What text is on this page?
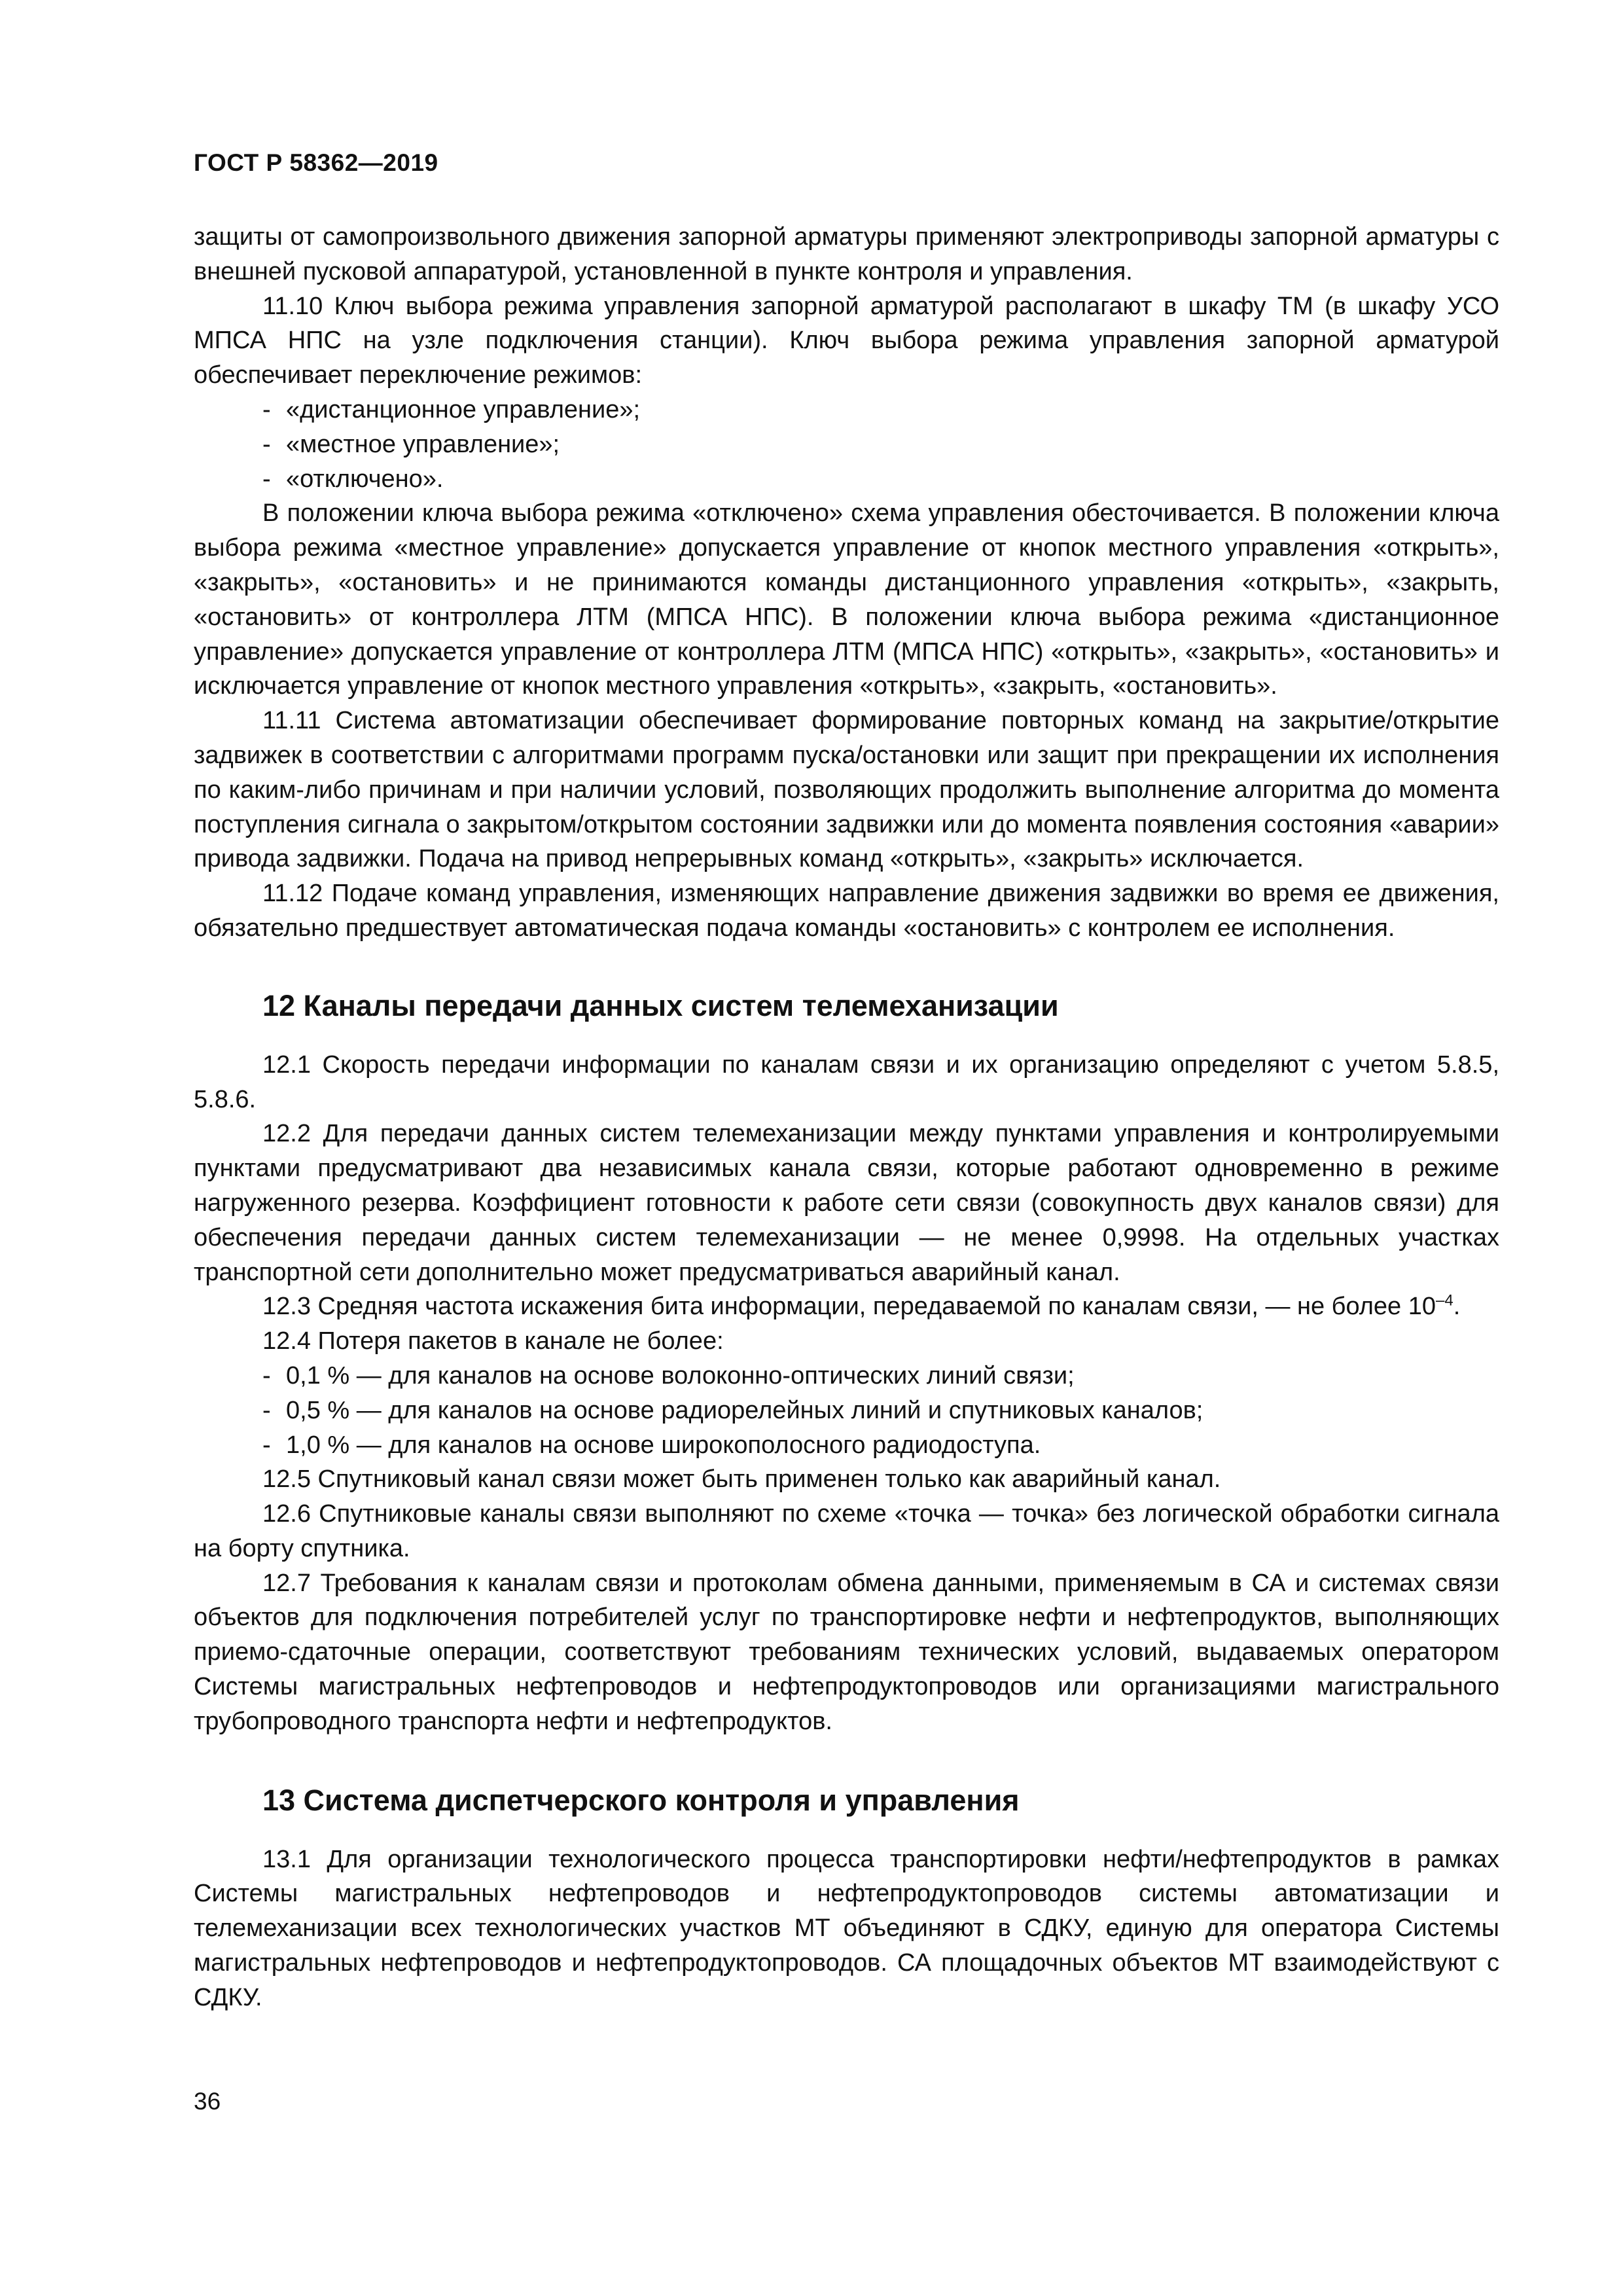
ГОСТ Р 58362—2019

защиты от самопроизвольного движения запорной арматуры применяют электроприводы запорной арматуры с внешней пусковой аппаратурой, установленной в пункте контроля и управления.

11.10 Ключ выбора режима управления запорной арматурой располагают в шкафу ТМ (в шкафу УСО МПСА НПС на узле подключения станции). Ключ выбора режима управления запорной арматурой обеспечивает переключение режимов:

- «дистанционное управление»;

- «местное управление»;

- «отключено».

В положении ключа выбора режима «отключено» схема управления обесточивается. В положении ключа выбора режима «местное управление» допускается управление от кнопок местного управления «открыть», «закрыть», «остановить» и не принимаются команды дистанционного управления «открыть», «закрыть, «остановить» от контроллера ЛТМ (МПСА НПС). В положении ключа выбора режима «дистанционное управление» допускается управление от контроллера ЛТМ (МПСА НПС) «открыть», «закрыть», «остановить» и исключается управление от кнопок местного управления «открыть», «закрыть, «остановить».

11.11 Система автоматизации обеспечивает формирование повторных команд на закрытие/открытие задвижек в соответствии с алгоритмами программ пуска/остановки или защит при прекращении их исполнения по каким-либо причинам и при наличии условий, позволяющих продолжить выполнение алгоритма до момента поступления сигнала о закрытом/открытом состоянии задвижки или до момента появления состояния «аварии» привода задвижки. Подача на привод непрерывных команд «открыть», «закрыть» исключается.

11.12 Подаче команд управления, изменяющих направление движения задвижки во время ее движения, обязательно предшествует автоматическая подача команды «остановить» с контролем ее исполнения.

12 Каналы передачи данных систем телемеханизации

12.1 Скорость передачи информации по каналам связи и их организацию определяют с учетом 5.8.5, 5.8.6.

12.2 Для передачи данных систем телемеханизации между пунктами управления и контролируемыми пунктами предусматривают два независимых канала связи, которые работают одновременно в режиме нагруженного резерва. Коэффициент готовности к работе сети связи (совокупность двух каналов связи) для обеспечения передачи данных систем телемеханизации — не менее 0,9998. На отдельных участках транспортной сети дополнительно может предусматриваться аварийный канал.

12.3 Средняя частота искажения бита информации, передаваемой по каналам связи, — не более $10^{-4}$.

12.4 Потеря пакетов в канале не более:

- 0,1 % — для каналов на основе волоконно-оптических линий связи;

- 0,5 % — для каналов на основе радиорелейных линий и спутниковых каналов;

- 1,0 % — для каналов на основе широкополосного радиодоступа.

12.5 Спутниковый канал связи может быть применен только как аварийный канал.

12.6 Спутниковые каналы связи выполняют по схеме «точка — точка» без логической обработки сигнала на борту спутника.

12.7 Требования к каналам связи и протоколам обмена данными, применяемым в СА и системах связи объектов для подключения потребителей услуг по транспортировке нефти и нефтепродуктов, выполняющих приемо-сдаточные операции, соответствуют требованиям технических условий, выдаваемых оператором Системы магистральных нефтепроводов и нефтепродуктопроводов или организациями магистрального трубопроводного транспорта нефти и нефтепродуктов.

13 Система диспетчерского контроля и управления

13.1 Для организации технологического процесса транспортировки нефти/нефтепродуктов в рамках Системы магистральных нефтепроводов и нефтепродуктопроводов системы автоматизации и телемеханизации всех технологических участков МТ объединяют в СДКУ, единую для оператора Системы магистральных нефтепроводов и нефтепродуктопроводов. СА площадочных объектов МТ взаимодействуют с СДКУ.

36
